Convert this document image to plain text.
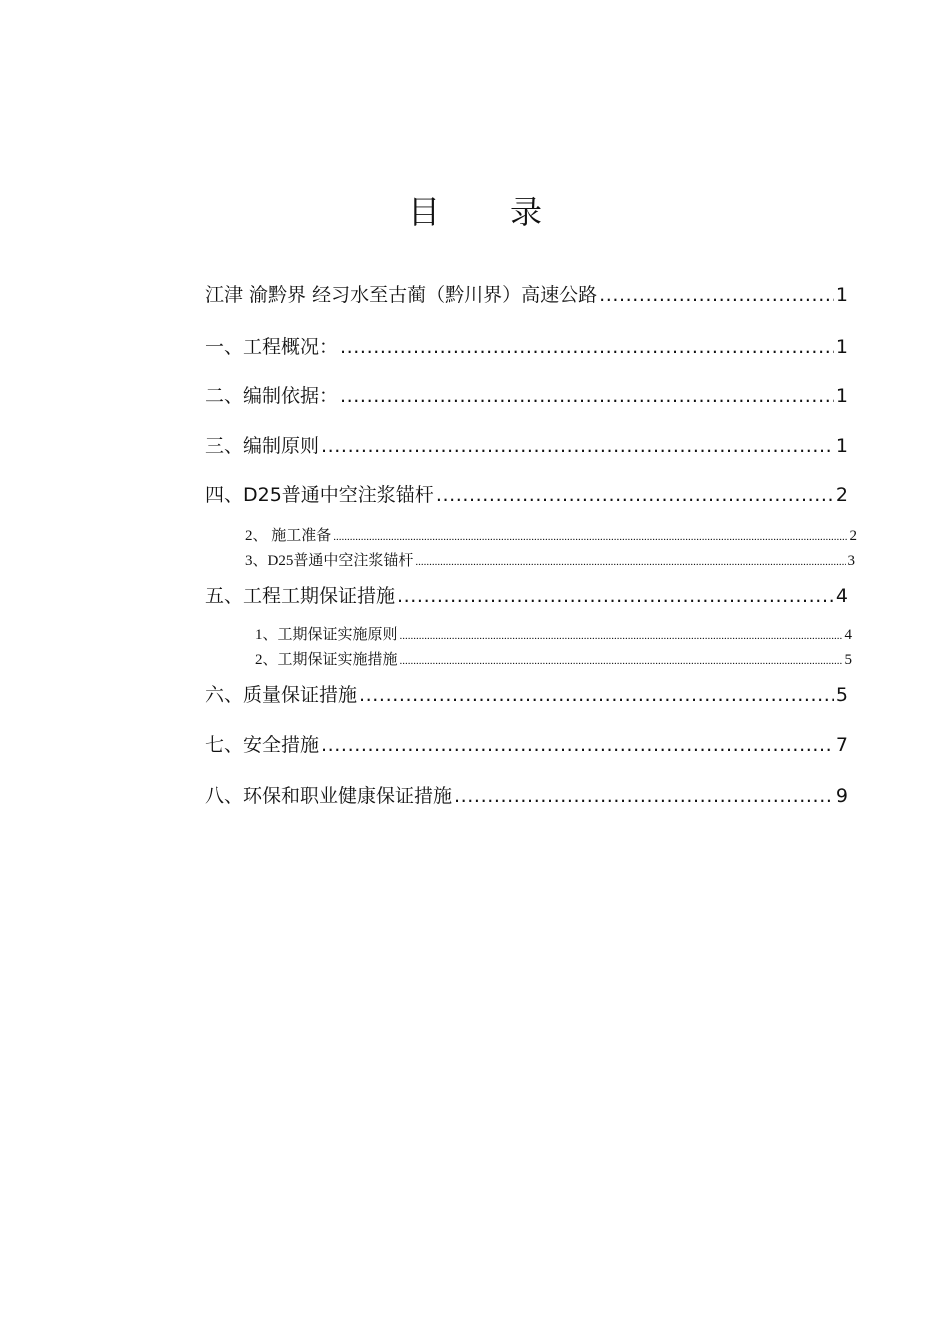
目 录
江津 渝黔界 经习水至古蔺（黔川界）高速公路 .....	1
一、工程概况： .....	1
二、编制依据： .....	1
三、编制原则 .....	1
四、D25普通中空注浆锚杆 .....	2
2、 施工准备 .....	2
3、D25普通中空注浆锚杆 .....	3
五、工程工期保证措施 .....	4
1、工期保证实施原则 .....	4
2、工期保证实施措施 .....	5
六、质量保证措施 .....	5
七、安全措施 .....	7
八、环保和职业健康保证措施 .....	9
